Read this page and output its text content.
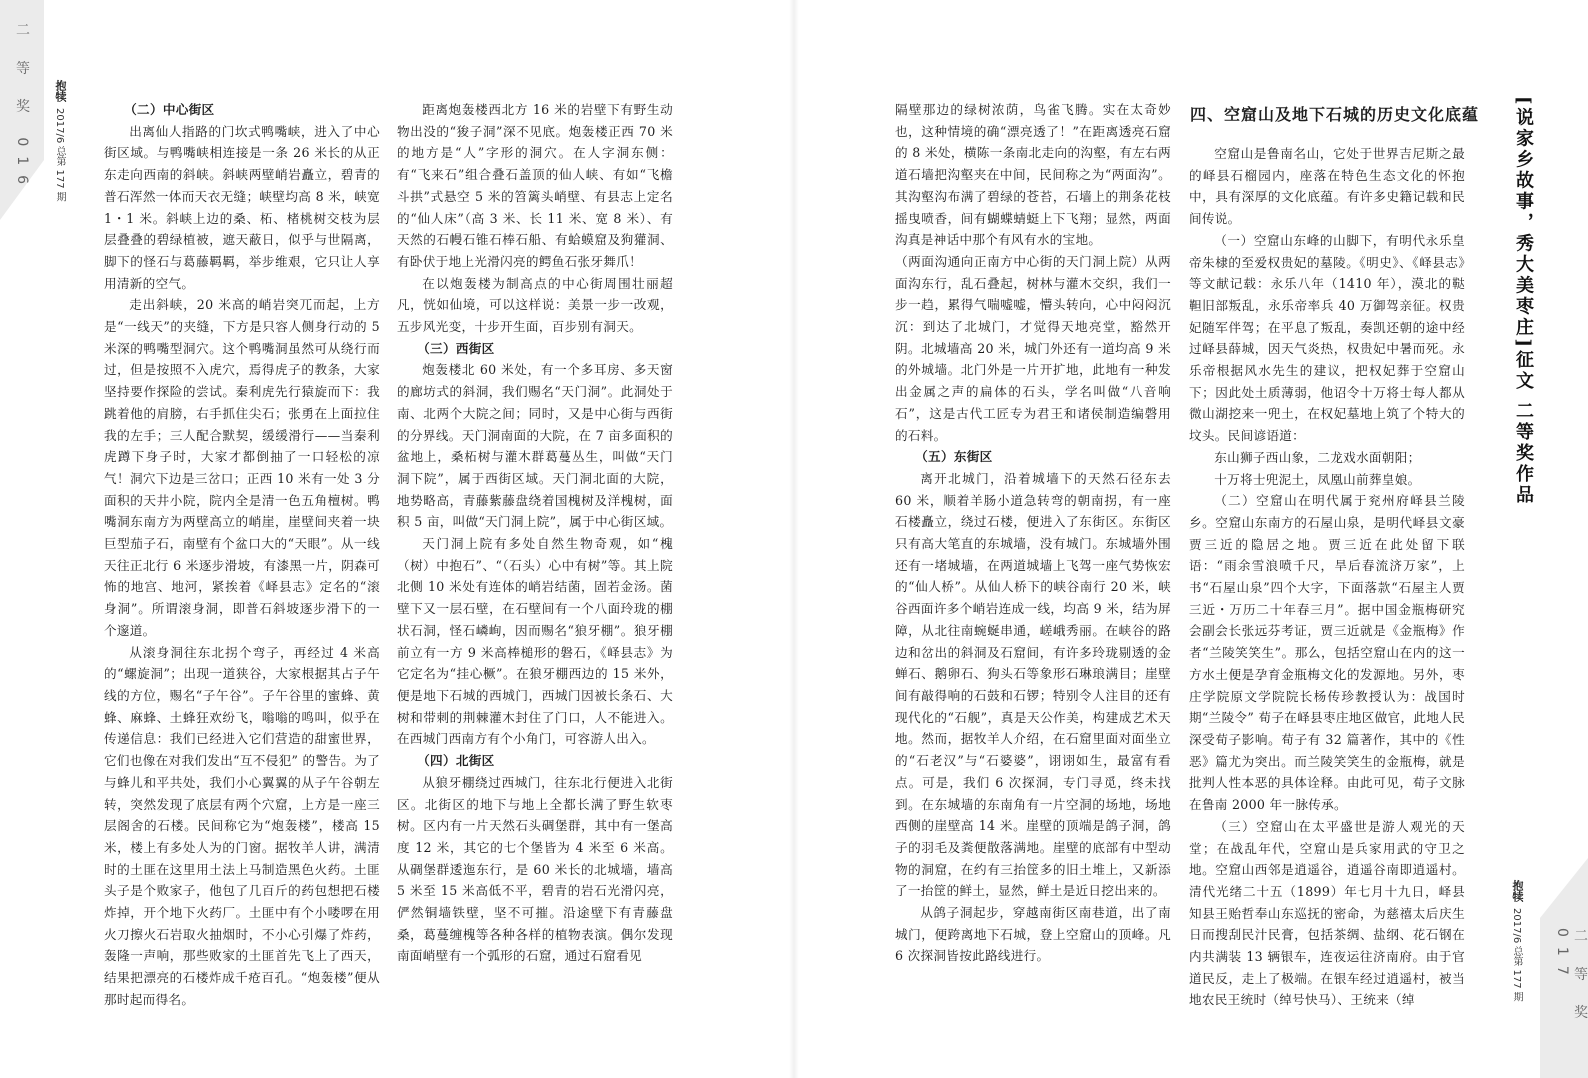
二 等 奖 016 抱犊
2017/6 总第 177 期	（二）中心街区

出离仙人指路的门坎式鸭嘴峡，进入了中心街区域。与鸭嘴峡相连接是一条 26 米长的从正东走向西南的斜峡。斜峡两壁峭岩矗立，碧青的普石浑然一体而天衣无缝；峡壁均高 8 米，峡宽 1・1 米。斜峡上边的桑、柘、楮桃树交枝为层层叠叠的碧绿植被，遮天蔽日，似乎与世隔离，脚下的怪石与葛藤羁羁，举步维艰，它只让人享用清新的空气。

走出斜峡，20 米高的峭岩突兀而起，上方是“一线天”的夹缝，下方是只容人侧身行动的 5 米深的鸭嘴型洞穴。这个鸭嘴洞虽然可从绕行而过，但是按照不入虎穴，焉得虎子的教条，大家坚持要作探险的尝试。秦利虎先行猿旋而下：我跳着他的肩膀，右手抓住尖石；张勇在上面拉住我的左手；三人配合默契，缓缓滑行——当秦利虎蹲下身子时，大家才都倒抽了一口轻松的凉气！洞穴下边是三岔口；正西 10 米有一处 3 分面积的天井小院，院内全是清一色五角檀树。鸭嘴洞东南方为两壁高立的峭崖，崖壁间夹着一块巨型茄子石，南壁有个盆口大的“天眼”。从一线天往正北行 6 米逐步滑坡，有漆黑一片，阴森可怖的地宫、地河，紧挨着《峄县志》定名的“滚身洞”。所谓滚身洞，即普石斜坡逐步滑下的一个邃道。

从滚身洞往东北拐个弯子，再经过 4 米高的“螺旋洞”；出现一道狭谷，大家根据其占子午线的方位，赐名“子午谷”。子午谷里的蜜蜂、黄蜂、麻蜂、土蜂狂欢纷飞，嗡嗡的鸣叫，似乎在传递信息：我们已经进入它们营造的甜蜜世界，它们也像在对我们发出“互不侵犯” 的警告。为了与蜂儿和平共处，我们小心翼翼的从子午谷朝左转，突然发现了底层有两个穴窟，上方是一座三层阁舍的石楼。民间称它为“炮轰楼”，楼高 15 米，楼上有多处人为的门窗。据牧羊人讲，满清时的土匪在这里用土法上马制造黑色火药。土匪头子是个败家子，他包了几百斤的药包想把石楼炸掉，开个地下火药厂。土匪中有个小喽啰在用火刀擦火石岩取火抽烟时，不小心引爆了炸药，轰隆一声响，那些败家的土匪首先飞上了西天，结果把漂亮的石楼炸成千疮百孔。“炮轰楼”便从那时起而得名。

距离炮轰楼西北方 16 米的岩壁下有野生动物出没的“狻子洞”深不见底。炮轰楼正西 70 米的地方是“人”字形的洞穴。在人字洞东侧：有“飞来石”组合叠石盖顶的仙人峡、有如“飞檐斗拱”式悬空 5 米的笤篱头峭壁、有县志上定名的“仙人床”（高 3 米、长 11 米、宽 8 米）、有天然的石幔石锥石棒石船、有蛤蟆窟及狗獾洞、有卧伏于地上光滑闪亮的鳄鱼石张牙舞爪！

在以炮轰楼为制高点的中心街周围壮丽超凡，恍如仙境，可以这样说：美景一步一改观，五步风光变，十步开生面，百步别有洞天。

（三）西街区

炮轰楼北 60 米处，有一个多耳房、多天窗的廊坊式的斜洞，我们赐名“天门洞”。此洞处于南、北两个大院之间；同时，又是中心街与西街的分界线。天门洞南面的大院，在 7 亩多面积的盆地上，桑柘树与灌木群葛蔓丛生，叫做“天门洞下院”，属于西街区域。天门洞北面的大院，地势略高，青藤紫藤盘绕着国槐树及洋槐树，面积 5 亩，叫做“天门洞上院”，属于中心街区域。

天门洞上院有多处自然生物奇观，如“槐（树）中抱石”、“（石头）心中有树”等。其上院北侧 10 米处有连体的峭岩结菌，固若金汤。菌壁下又一层石壁，在石壁间有一个八面玲珑的棚状石洞，怪石嶙峋，因而赐名“狼牙棚”。狼牙棚前立有一方 9 米高棒槌形的磐石，《峄县志》为它定名为“挂心橛”。在狼牙棚西边的 15 米外，便是地下石城的西城门，西城门因被长条石、大树和带刺的荆棘灌木封住了门口，人不能进入。在西城门西南方有个小角门，可容游人出入。

（四）北街区

从狼牙棚绕过西城门，往东北行便进入北街区。北街区的地下与地上全都长满了野生软枣树。区内有一片天然石头碉堡群，其中有一堡高度 12 米，其它的七个堡皆为 4 米至 6 米高。从碉堡群逶迤东行，是 60 米长的北城墙，墙高 5 米至 15 米高低不平，碧青的岩石光滑闪亮，俨然铜墙铁壁，坚不可摧。沿途壁下有青藤盘桑，葛蔓缠槐等各种各样的植物表演。偶尔发现南面峭壁有一个弧形的石窟，通过石窟看见

隔壁那边的绿树浓荫，鸟雀飞腾。实在太奇妙也，这种情境的确“漂亮透了！”在距离透亮石窟的 8 米处，横陈一条南北走向的沟壑，有左右两道石墙把沟壑夹在中间，民间称之为“两面沟”。其沟壑沟布满了碧绿的苍苔，石墙上的荆条花枝摇曳喷香，间有蝴蝶蜻蜓上下飞翔；显然，两面沟真是神话中那个有风有水的宝地。

（两面沟通向正南方中心街的天门洞上院）从两面沟东行，乱石叠起，树林与灌木交织，我们一步一趋，累得气喘嘘嘘，懵头转向，心中闷闷沉沉：到达了北城门，才觉得天地亮堂，豁然开阴。北城墙高 20 米，城门外还有一道均高 9 米的外城墙。北门外是一片开扩地，此地有一种发出金属之声的扁体的石头，学名叫做“八音响石”，这是古代工匠专为君王和诸侯制造编磬用的石料。

（五）东街区

离开北城门，沿着城墙下的天然石径东去 60 米，顺着羊肠小道急转弯的朝南拐，有一座石楼矗立，绕过石楼，便进入了东街区。东街区只有高大笔直的东城墙，没有城门。东城墙外围还有一堵城墙，在两道城墙上飞驾一座气势恢宏的“仙人桥”。从仙人桥下的峡谷南行 20 米，峡谷西面许多个峭岩连成一线，均高 9 米，结为屏障，从北往南蜿蜒串通，嵯峨秀丽。在峡谷的路边和岔出的斜洞及石窟间，有许多玲珑剔透的金蝉石、鹅卵石、狗头石等象形石琳琅满目；崖壁间有敲得响的石鼓和石锣；特别令人注目的还有现代化的“石舰”，真是天公作美，构建成艺术天地。然而，据牧羊人介绍，在石窟里面对面坐立的“石老汉”与“石婆婆”，诩诩如生，最富有看点。可是，我们 6 次探洞，专门寻觅，终未找到。在东城墙的东南角有一片空洞的场地，场地西侧的崖壁高 14 米。崖壁的顶端是鸽子洞，鸽子的羽毛及粪便散落满地。崖壁的底部有中型动物的洞窟，在约有三抬筐多的旧土堆上，又新添了一抬筐的鲜土，显然，鲜土是近日挖出来的。

从鸽子洞起步，穿越南街区南巷道，出了南城门，便跨离地下石城，登上空窟山的顶峰。凡 6 次探洞皆按此路线进行。

四、空窟山及地下石城的历史文化底蕴

空窟山是鲁南名山，它处于世界吉尼斯之最的峄县石榴园内，座落在特色生态文化的怀抱中，具有深厚的文化底蕴。有许多史籍记载和民间传说。

（一）空窟山东峰的山脚下，有明代永乐皇帝朱棣的至爱权贵妃的墓陵。《明史》、《峄县志》等文献记载：永乐八年（1410 年），漠北的鞑靼旧部叛乱，永乐帝率兵 40 万御驾亲征。权贵妃随军伴驾；在平息了叛乱，奏凯还朝的途中经过峄县薛城，因天气炎热，权贵妃中暑而死。永乐帝根据风水先生的建议，把权妃葬于空窟山下；因此处土质薄弱，他诏令十万将士每人都从微山湖挖来一兜土，在权妃墓地上筑了个特大的坟头。民间谚语道：

东山狮子西山象，二龙戏水面朝阳；

十万将士兜泥土，凤凰山前葬皇娘。

（二）空窟山在明代属于兖州府峄县兰陵乡。空窟山东南方的石屋山泉，是明代峄县文豪贾三近的隐居之地。贾三近在此处留下联语：“雨余雪浪喷千尺，旱后春流济万家”，上书“石屋山泉”四个大字，下面落款“石屋主人贾三近・万历二十年春三月”。据中国金瓶梅研究会副会长张远芬考证，贾三近就是《金瓶梅》作者“兰陵笑笑生”。那么，包括空窟山在内的这一方水土便是孕育金瓶梅文化的发源地。另外，枣庄学院原文学院院长杨传珍教授认为：战国时期“兰陵令” 荀子在峄县枣庄地区做官，此地人民深受荀子影响。荀子有 32 篇著作，其中的《性恶》篇尤为突出。而兰陵笑笑生的金瓶梅，就是批判人性本恶的具体诠释。由此可见，荀子文脉在鲁南 2000 年一脉传承。

（三）空窟山在太平盛世是游人观光的天堂；在战乱年代，空窟山是兵家用武的守卫之地。空窟山西邻是逍遥谷，逍遥谷南即逍遥村。清代光绪二十五（1899）年七月十九日，峄县知县王贻哲奉山东巡抚的密命，为慈禧太后庆生日而搜刮民汁民膏，包括茶绸、盐纲、花石钢在内共满装 13 辆银车，连夜运往济南府。由于官道民反，走上了极端。在银车经过逍遥村，被当地农民王统时（绰号快马）、王统来（绰

[说家乡故事，秀大美枣庄]征文 二等奖作品
抱犊
2017/6 总第 177 期	二 等 奖 017
